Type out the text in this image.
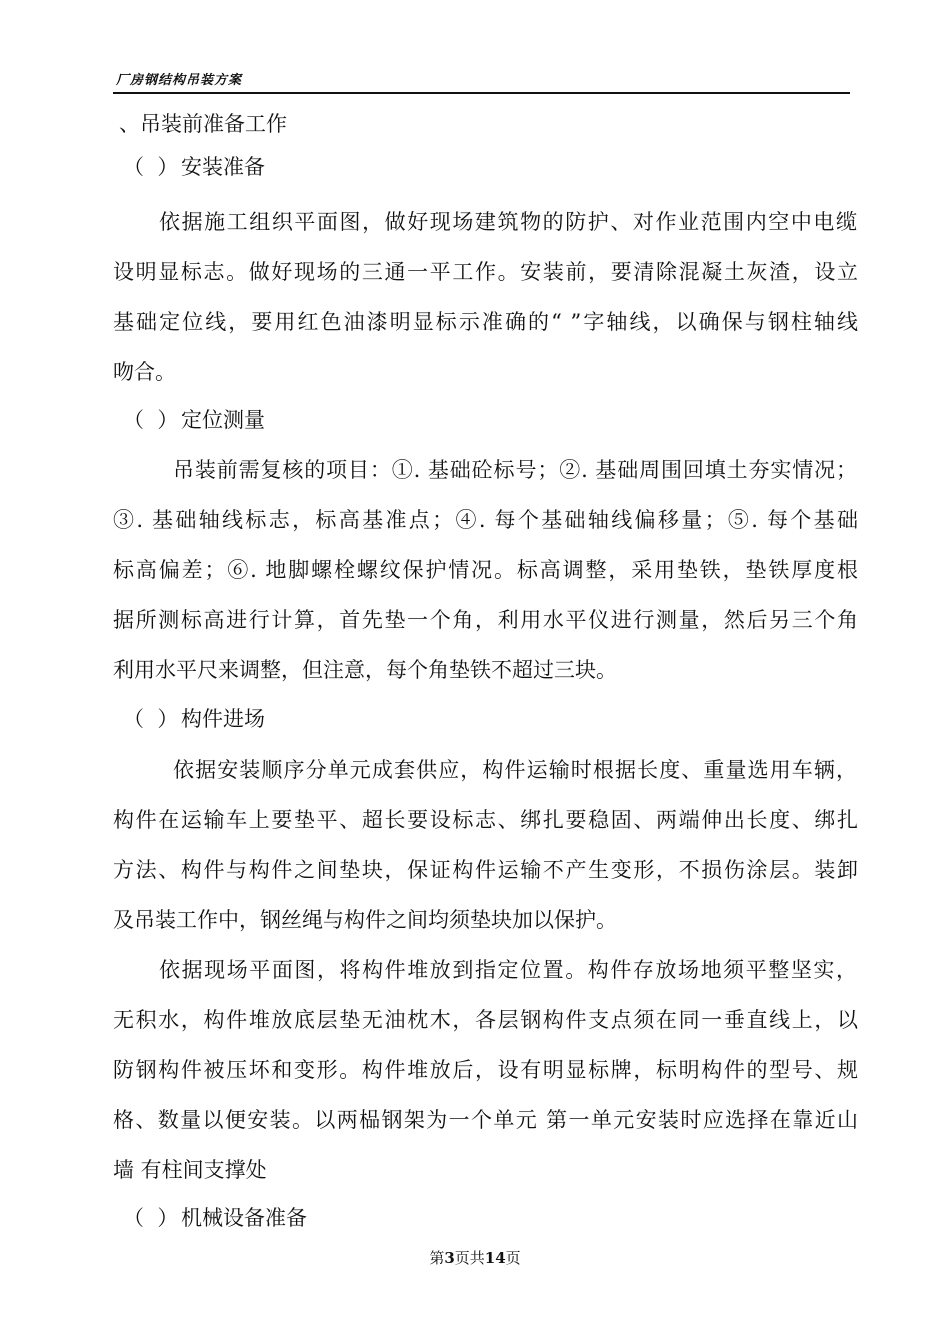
厂房钢结构吊装方案
、吊装前准备工作
（  ） 安装准备
依据施工组织平面图，做好现场建筑物的防护、对作业范围内空中电缆
设明显标志。做好现场的三通一平工作。安装前，要清除混凝土灰渣，设立
基础定位线，要用红色油漆明显标示准确的“ ”字轴线，以确保与钢柱轴线
吻合。
（  ） 定位测量
吊装前需复核的项目：①. 基础砼标号；②. 基础周围回填土夯实情况；
③. 基础轴线标志，标高基准点；④. 每个基础轴线偏移量；⑤. 每个基础
标高偏差；⑥. 地脚螺栓螺纹保护情况。标高调整，采用垫铁，垫铁厚度根
据所测标高进行计算，首先垫一个角，利用水平仪进行测量，然后另三个角
利用水平尺来调整，但注意，每个角垫铁不超过三块。
（  ） 构件进场
依据安装顺序分单元成套供应，构件运输时根据长度、重量选用车辆，
构件在运输车上要垫平、超长要设标志、绑扎要稳固、两端伸出长度、绑扎
方法、构件与构件之间垫块，保证构件运输不产生变形，不损伤涂层。装卸
及吊装工作中，钢丝绳与构件之间均须垫块加以保护。
依据现场平面图，将构件堆放到指定位置。构件存放场地须平整坚实，
无积水，构件堆放底层垫无油枕木，各层钢构件支点须在同一垂直线上，以
防钢构件被压坏和变形。构件堆放后，设有明显标牌，标明构件的型号、规
格、数量以便安装。以两榀钢架为一个单元 第一单元安装时应选择在靠近山
墙 有柱间支撑处
（  ） 机械设备准备
第3页共14页
